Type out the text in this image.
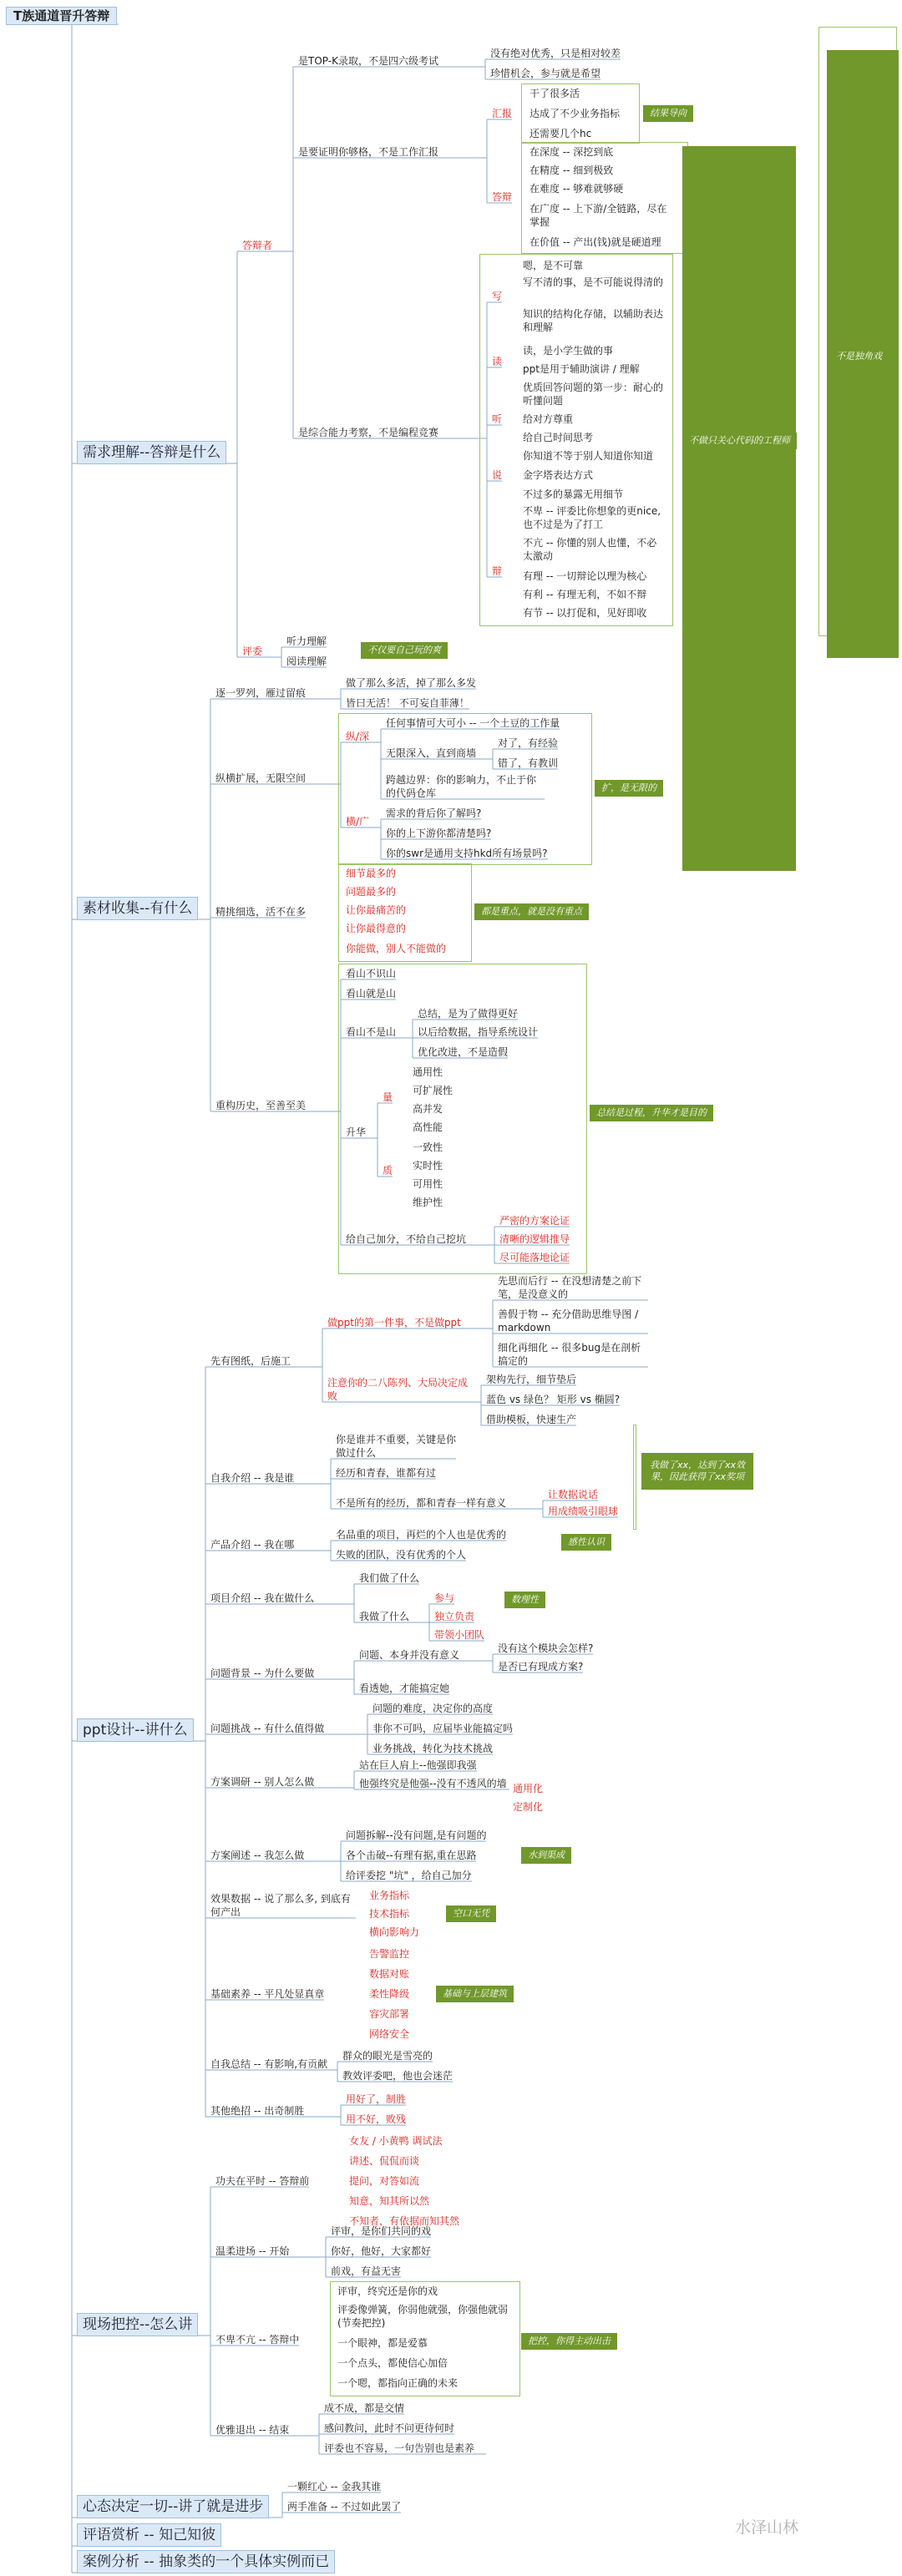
T族通道晋升答辩
需求理解--答辩是什么
答辩者
是TOP-K录取，不是四六级考试
没有绝对优秀，只是相对较差
珍惜机会，参与就是希望
是要证明你够格，不是工作汇报
汇报
干了很多活
达成了不少业务指标
还需要几个hc
结果导向
答辩
在深度 -- 深挖到底
在精度 -- 细到极致
在难度 -- 够难就够硬
在广度 -- 上下游/全链路，尽在掌握
在价值 -- 产出(钱)就是硬道理
是综合能力考察，不是编程竞赛
写
嗯，是不可靠
写不清的事，是不可能说得清的
知识的结构化存储，以辅助表达和理解
读
读，是小学生做的事
ppt是用于辅助演讲 / 理解
听
优质回答问题的第一步：耐心的听懂问题
给对方尊重
给自己时间思考
你知道不等于别人知道你知道
说 金字塔表达方式
辩
不过多的暴露无用细节
不卑 -- 评委比你想象的更nice, 也不过是为了打工
不亢 -- 你懂的别人也懂，不必太激动
有理 -- 一切辩论以理为核心
有利 -- 有理无利，不如不辩
有节 -- 以打促和，见好即收
不做只关心代码的工程师
不是独角戏
评委
听力理解
阅读理解
不仅要自己玩的爽
素材收集--有什么
逐一罗列，雁过留痕
做了那么多活，掉了那么多发
皆曰无活！ 不可妄自菲薄！
纵横扩展，无限空间
纵/深
任何事情可大可小 -- 一个土豆的工作量
无限深入，直到商墙
对了，有经验
错了，有教训
跨越边界：你的影响力，不止于你的代码仓库
横/广
需求的背后你了解吗?
你的上下游你都清楚吗?
你的swr是通用支持hkd所有场景吗?
扩，是无限的
精挑细选，活不在多
细节最多的
问题最多的
让你最痛苦的
让你最得意的
你能做，别人不能做的
都是重点，就是没有重点
重构历史，至善至美
看山不识山
看山就是山
看山不是山
总结，是为了做得更好
以后给数据，指导系统设计
优化改进，不是造假
升华
量
通用性
可扩展性
高并发
高性能
质
一致性
实时性
可用性
维护性
给自己加分，不给自己挖坑
严密的方案论证
清晰的逻辑推导
尽可能落地论证
总结是过程，升华才是目的
ppt设计--讲什么
先有图纸，后施工
做ppt的第一件事，不是做ppt
先思而后行 -- 在没想清楚之前下笔，是没意义的
善假于物 -- 充分借助思维导图 / markdown
细化再细化 -- 很多bug是在剖析搞定的
注意你的二八陈列、大局决定成败
架构先行，细节垫后
蓝色 vs 绿色？ 矩形 vs 椭圆?
借助模板，快速生产
自我介绍 -- 我是谁
你是谁并不重要，关键是你做过什么
经历和青春，谁都有过
不是所有的经历，都和青春一样有意义
让数据说话
用成绩吸引眼球
我做了xx，达到了xx效果，因此获得了xx奖项
产品介绍 -- 我在哪
名品重的项目，再烂的个人也是优秀的
失败的团队，没有优秀的个人
感性认识
项目介绍 -- 我在做什么
我们做了什么
我做了什么
参与
独立负责
带领小团队
数理性
问题背景 -- 为什么要做
问题、本身并没有意义
没有这个模块会怎样?
是否已有现成方案?
看透她，才能搞定她
问题挑战 -- 有什么值得做
问题的难度，决定你的高度
非你不可吗，应届毕业能搞定吗
业务挑战，转化为技术挑战
方案调研 -- 别人怎么做
站在巨人肩上--他强即我强
他强终究是他强--没有不透风的墙 通用化
定制化
方案阐述 -- 我怎么做
问题拆解--没有问题,是有问题的
各个击破--有理有据,重在思路
给评委挖 "坑" ，给自己加分
水到渠成
效果数据 -- 说了那么多, 到底有何产出
业务指标
技术指标
横向影响力
空口无凭
基础素养 -- 平凡处显真章
告警监控
数据对账
柔性降级
容灾部署
网络安全
基础与上层建筑
自我总结 -- 有影响,有贡献
群众的眼光是雪亮的
教效评委吧，他也会迷茫
其他绝招 -- 出奇制胜
用好了，制胜
用不好，败残
现场把控--怎么讲
功夫在平时 -- 答辩前
女友 / 小黄鸭 调试法
讲述、侃侃而谈
提问，对答如流
知意，知其所以然
不知者，有依据而知其然
温柔进场 -- 开始
评审，是你们共同的戏
你好，他好，大家都好
前戏，有益无害
不卑不亢 -- 答辩中
评审，终究还是你的戏
评委像弹簧，你弱他就强，你强他就弱(节奏把控)
一个眼神，都是爱慕
一个点头，都使信心加倍
一个嗯，都指向正确的未来
把控，你得主动出击
优雅退出 -- 结束
成不成，都是交情
感问教问，此时不问更待何时
评委也不容易，一句告别也是素养
心态决定一切--讲了就是进步
一颗红心 -- 金我其谁
两手准备 -- 不过如此罢了
评语赏析 -- 知己知彼
案例分析 -- 抽象类的一个具体实例而已
水泽山林
